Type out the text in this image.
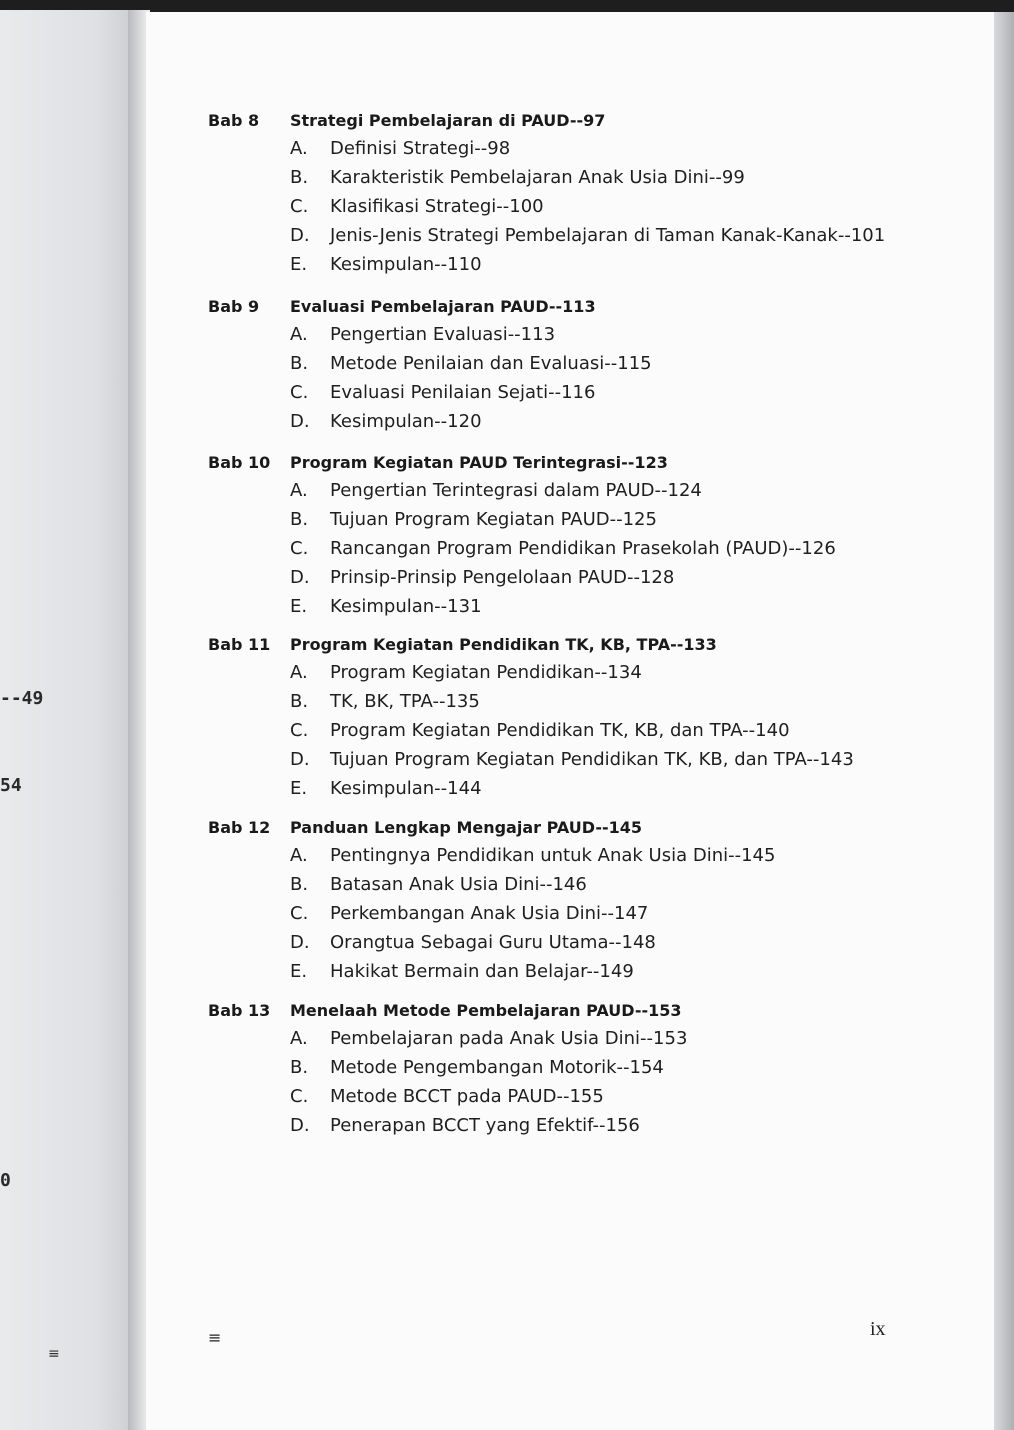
--49
54
0
≡
Bab 8 Strategi Pembelajaran di PAUD--97
A. Definisi Strategi--98
B. Karakteristik Pembelajaran Anak Usia Dini--99
C. Klasifikasi Strategi--100
D. Jenis-Jenis Strategi Pembelajaran di Taman Kanak-Kanak--101
E. Kesimpulan--110
Bab 9 Evaluasi Pembelajaran PAUD--113
A. Pengertian Evaluasi--113
B. Metode Penilaian dan Evaluasi--115
C. Evaluasi Penilaian Sejati--116
D. Kesimpulan--120
Bab 10 Program Kegiatan PAUD Terintegrasi--123
A. Pengertian Terintegrasi dalam PAUD--124
B. Tujuan Program Kegiatan PAUD--125
C. Rancangan Program Pendidikan Prasekolah (PAUD)--126
D. Prinsip-Prinsip Pengelolaan PAUD--128
E. Kesimpulan--131
Bab 11 Program Kegiatan Pendidikan TK, KB, TPA--133
A. Program Kegiatan Pendidikan--134
B. TK, BK, TPA--135
C. Program Kegiatan Pendidikan TK, KB, dan TPA--140
D. Tujuan Program Kegiatan Pendidikan TK, KB, dan TPA--143
E. Kesimpulan--144
Bab 12 Panduan Lengkap Mengajar PAUD--145
A. Pentingnya Pendidikan untuk Anak Usia Dini--145
B. Batasan Anak Usia Dini--146
C. Perkembangan Anak Usia Dini--147
D. Orangtua Sebagai Guru Utama--148
E. Hakikat Bermain dan Belajar--149
Bab 13 Menelaah Metode Pembelajaran PAUD--153
A. Pembelajaran pada Anak Usia Dini--153
B. Metode Pengembangan Motorik--154
C. Metode BCCT pada PAUD--155
D. Penerapan BCCT yang Efektif--156
≡	ix
